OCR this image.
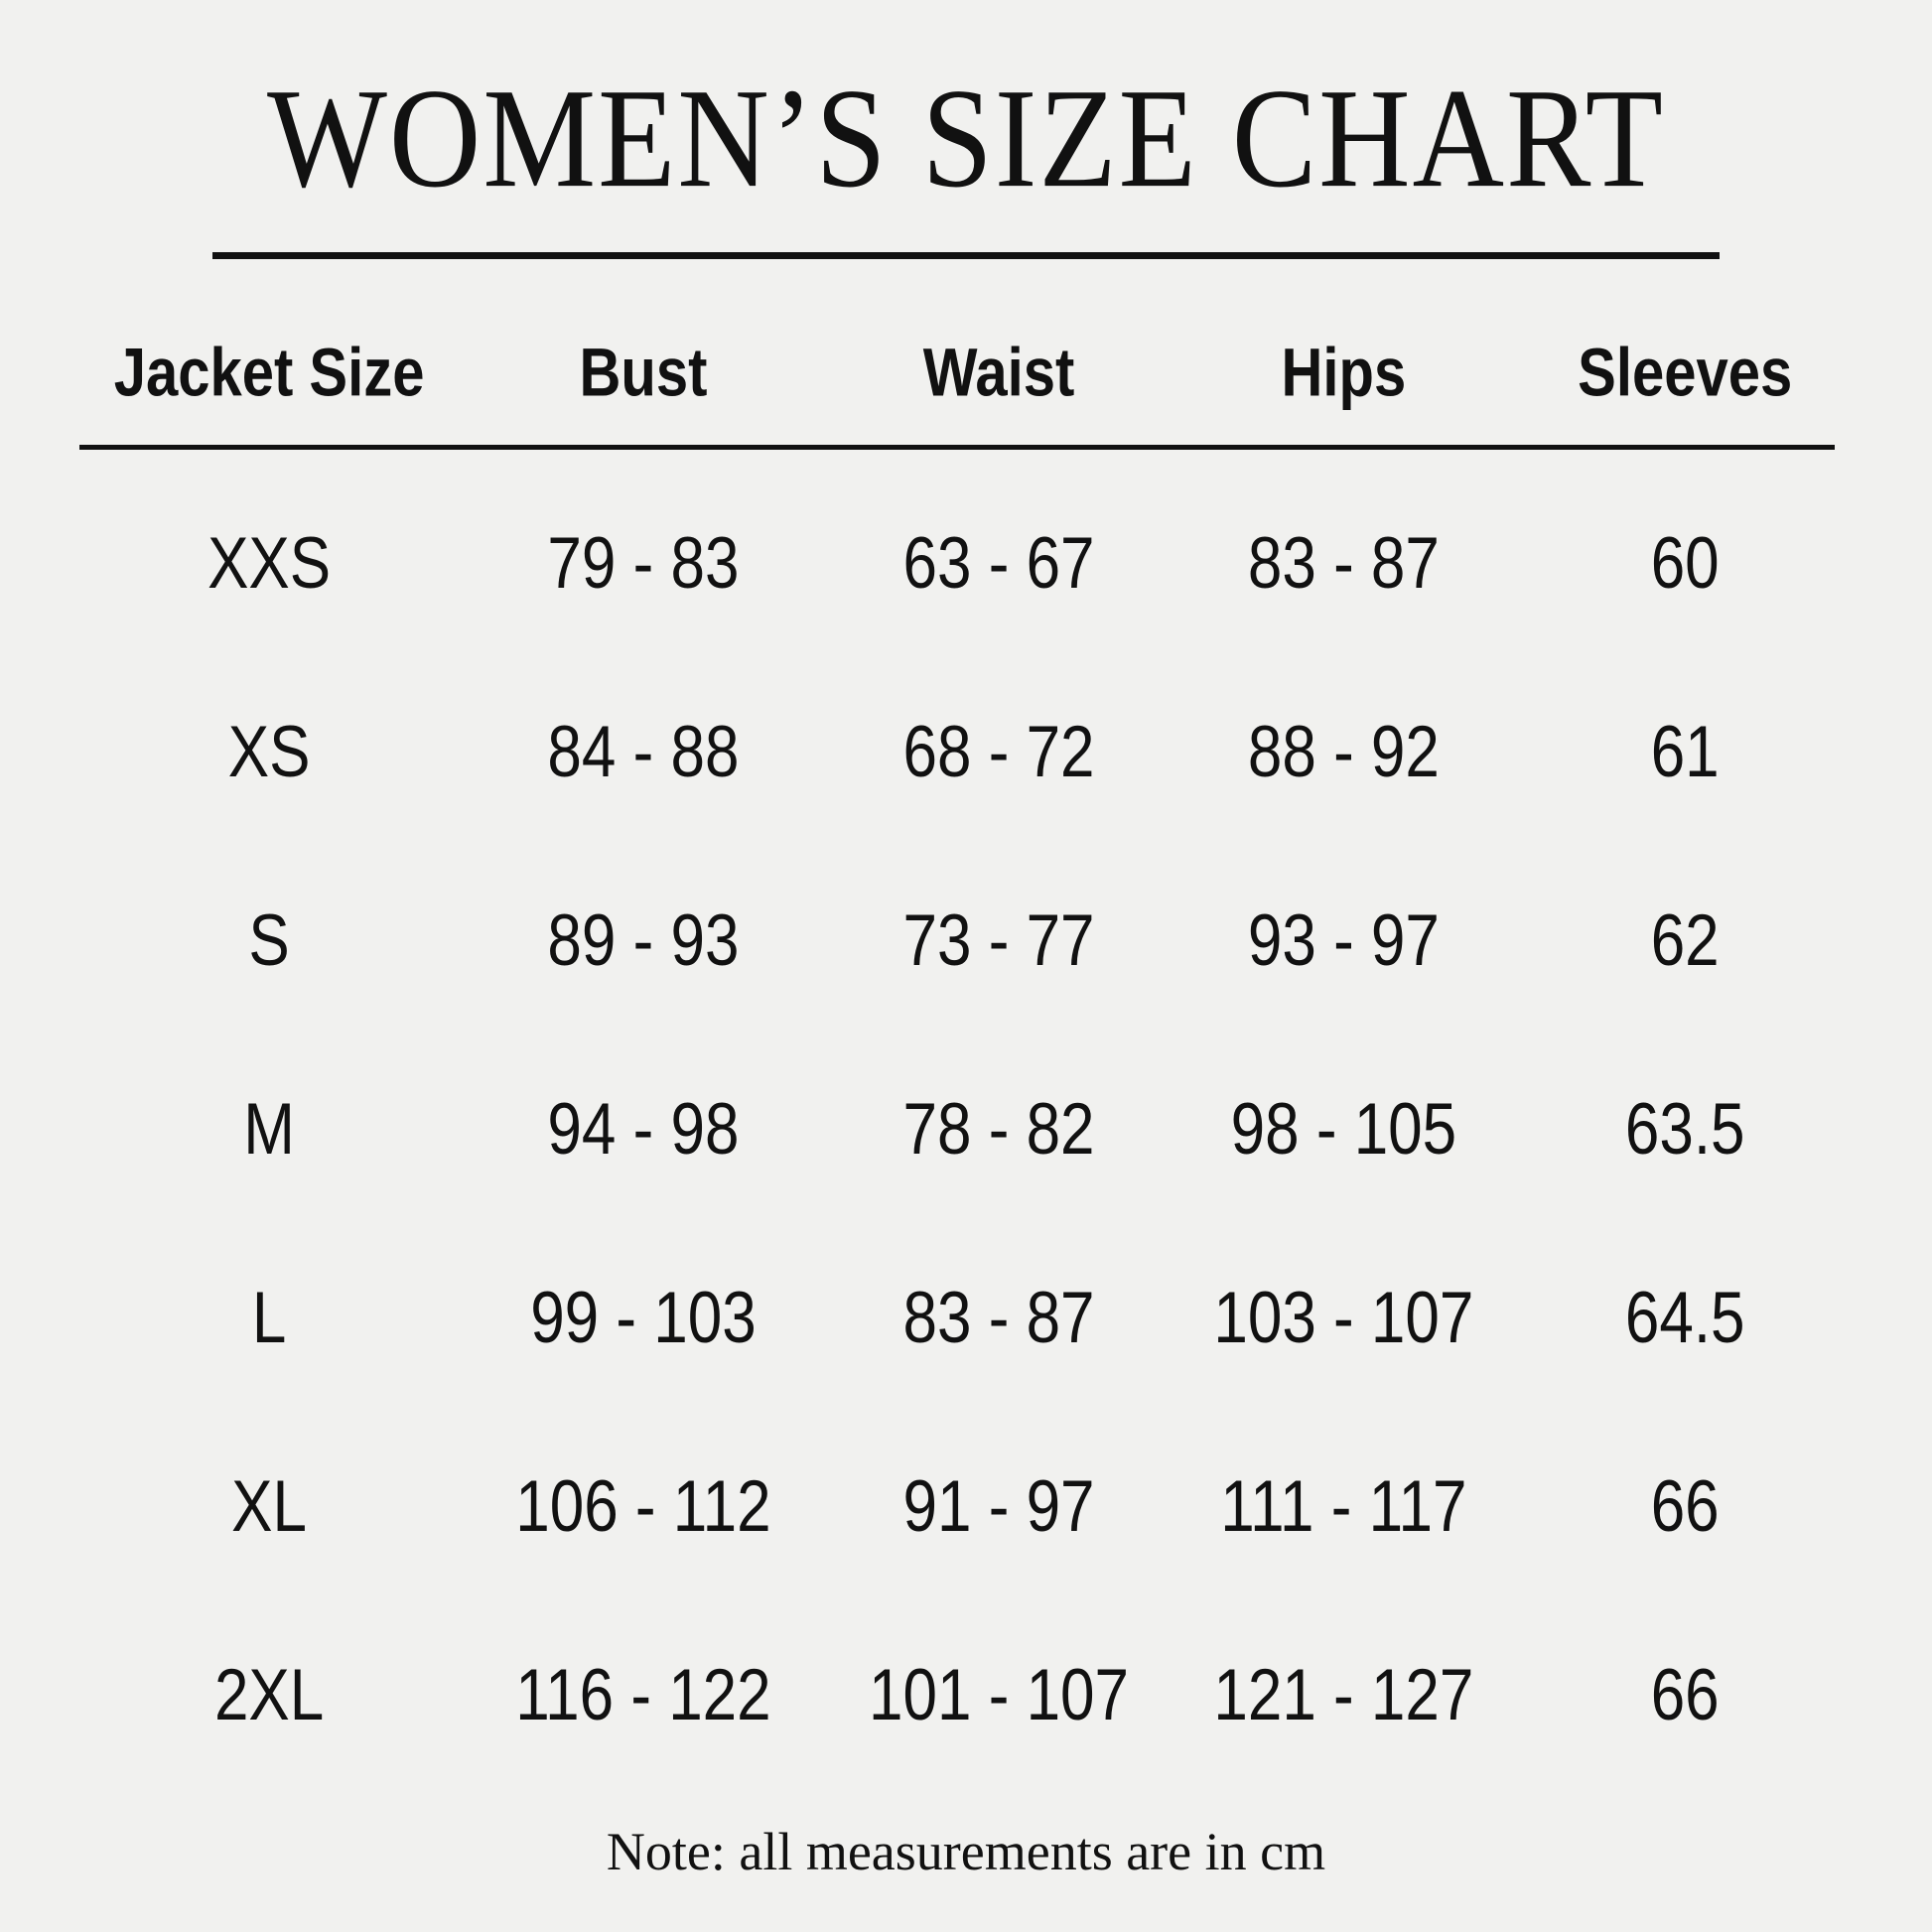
WOMEN’S SIZE CHART
Jacket Size	Bust	Waist	Hips	Sleeves
XXS	79 - 83	63 - 67	83 - 87	60
XS	84 - 88	68 - 72	88 - 92	61
S	89 - 93	73 - 77	93 - 97	62
M	94 - 98	78 - 82	98 - 105	63.5
L	99 - 103	83 - 87	103 - 107	64.5
XL	106 - 112	91 - 97	111 - 117	66
2XL	116 - 122	101 - 107	121 - 127	66
Note: all measurements are in cm
